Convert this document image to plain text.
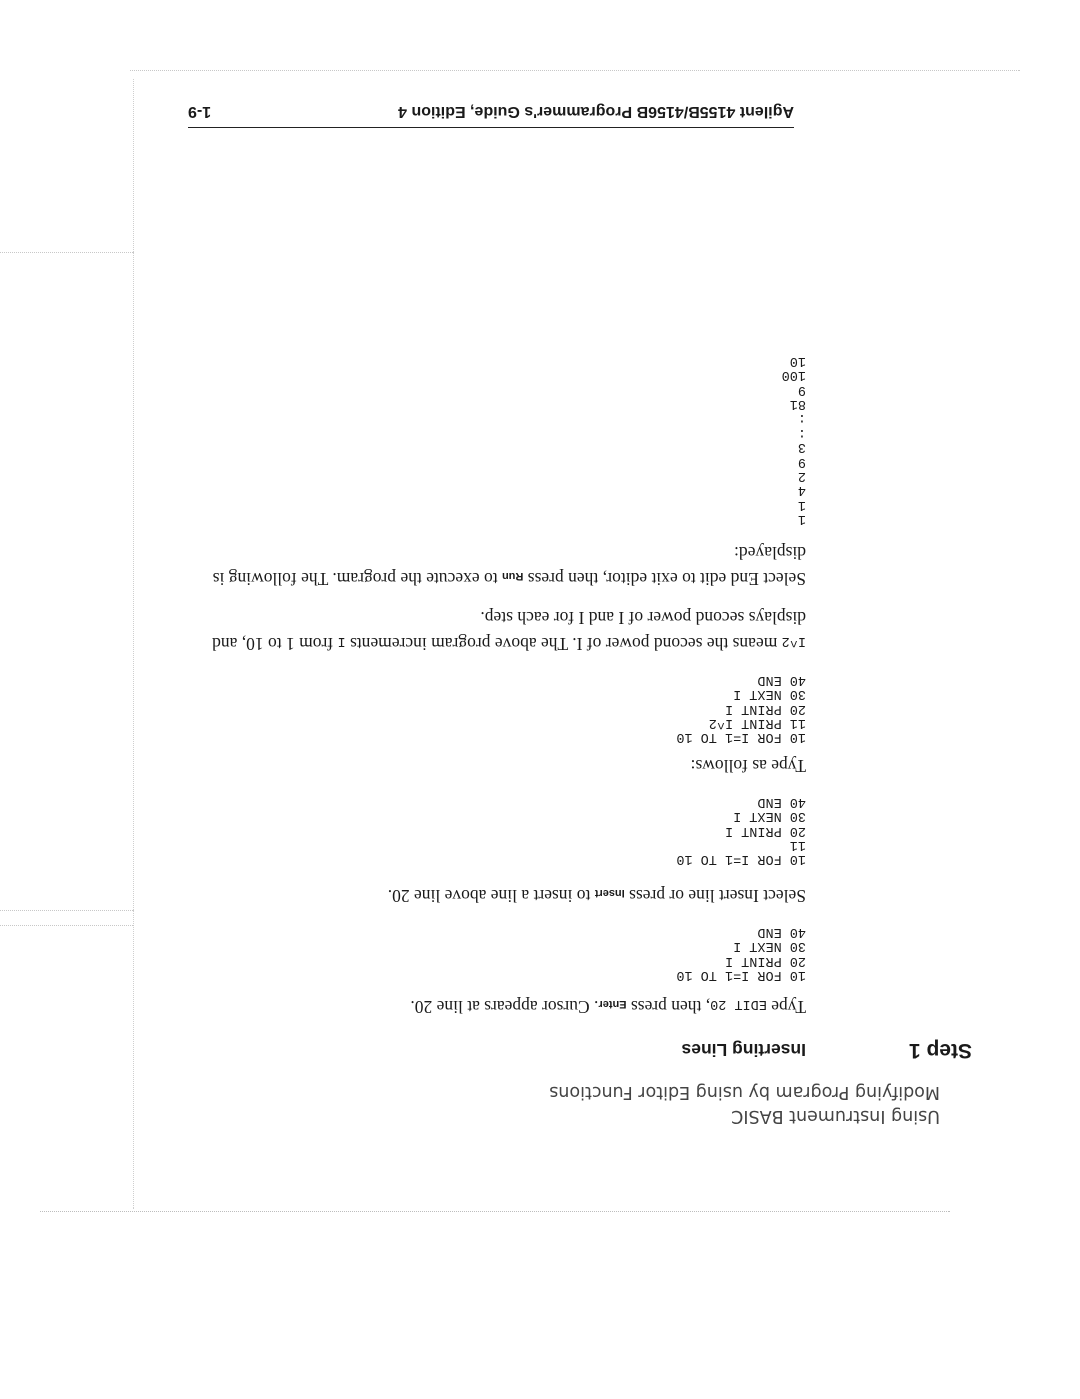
Using Instrument BASIC
Modifying Program by using Editor Functions
Step 1
Inserting Lines

Type EDIT 20, then press Enter. Cursor appears at line 20.

10 FOR I=1 TO 10
20 PRINT I
30 NEXT I
40 END

Select Insert line or press Insert to insert a line above line 20.

10 FOR I=1 TO 10
11
20 PRINT I
30 NEXT I
40 END

Type as follows:

10 FOR I=1 TO 10
11 PRINT I^2
20 PRINT I
30 NEXT I
40 END

I^2 means the second power of I. The above program increments I from 1 to 10, and displays second power of I and I for each step.

Select End edit to exit editor, then press Run to execute the program. The following is displayed:

1
1
4
2
9
3
:
:
81
9
100
10
Agilent 4155B/4156B Programmer's Guide, Edition 4
1-9
